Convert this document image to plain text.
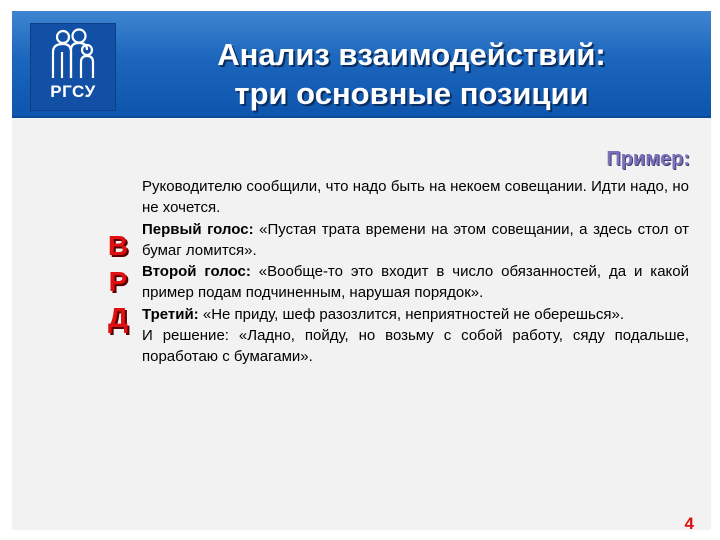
РГСУ
Анализ взаимодействий:
три основные позиции
Пример:
В
Р
Д

Руководителю сообщили, что надо быть на некоем совещании. Идти надо, но не хочется.

Первый голос: «Пустая трата времени на этом совещании, а здесь стол от бумаг ломится».

Второй голос: «Вообще-то это входит в число обязанностей, да и какой пример подам подчиненным, нарушая порядок».

Третий: «Не приду, шеф разозлится, неприятностей не оберешься».

И решение: «Ладно, пойду, но возьму с собой работу, сяду подальше, поработаю с бумагами».

4
